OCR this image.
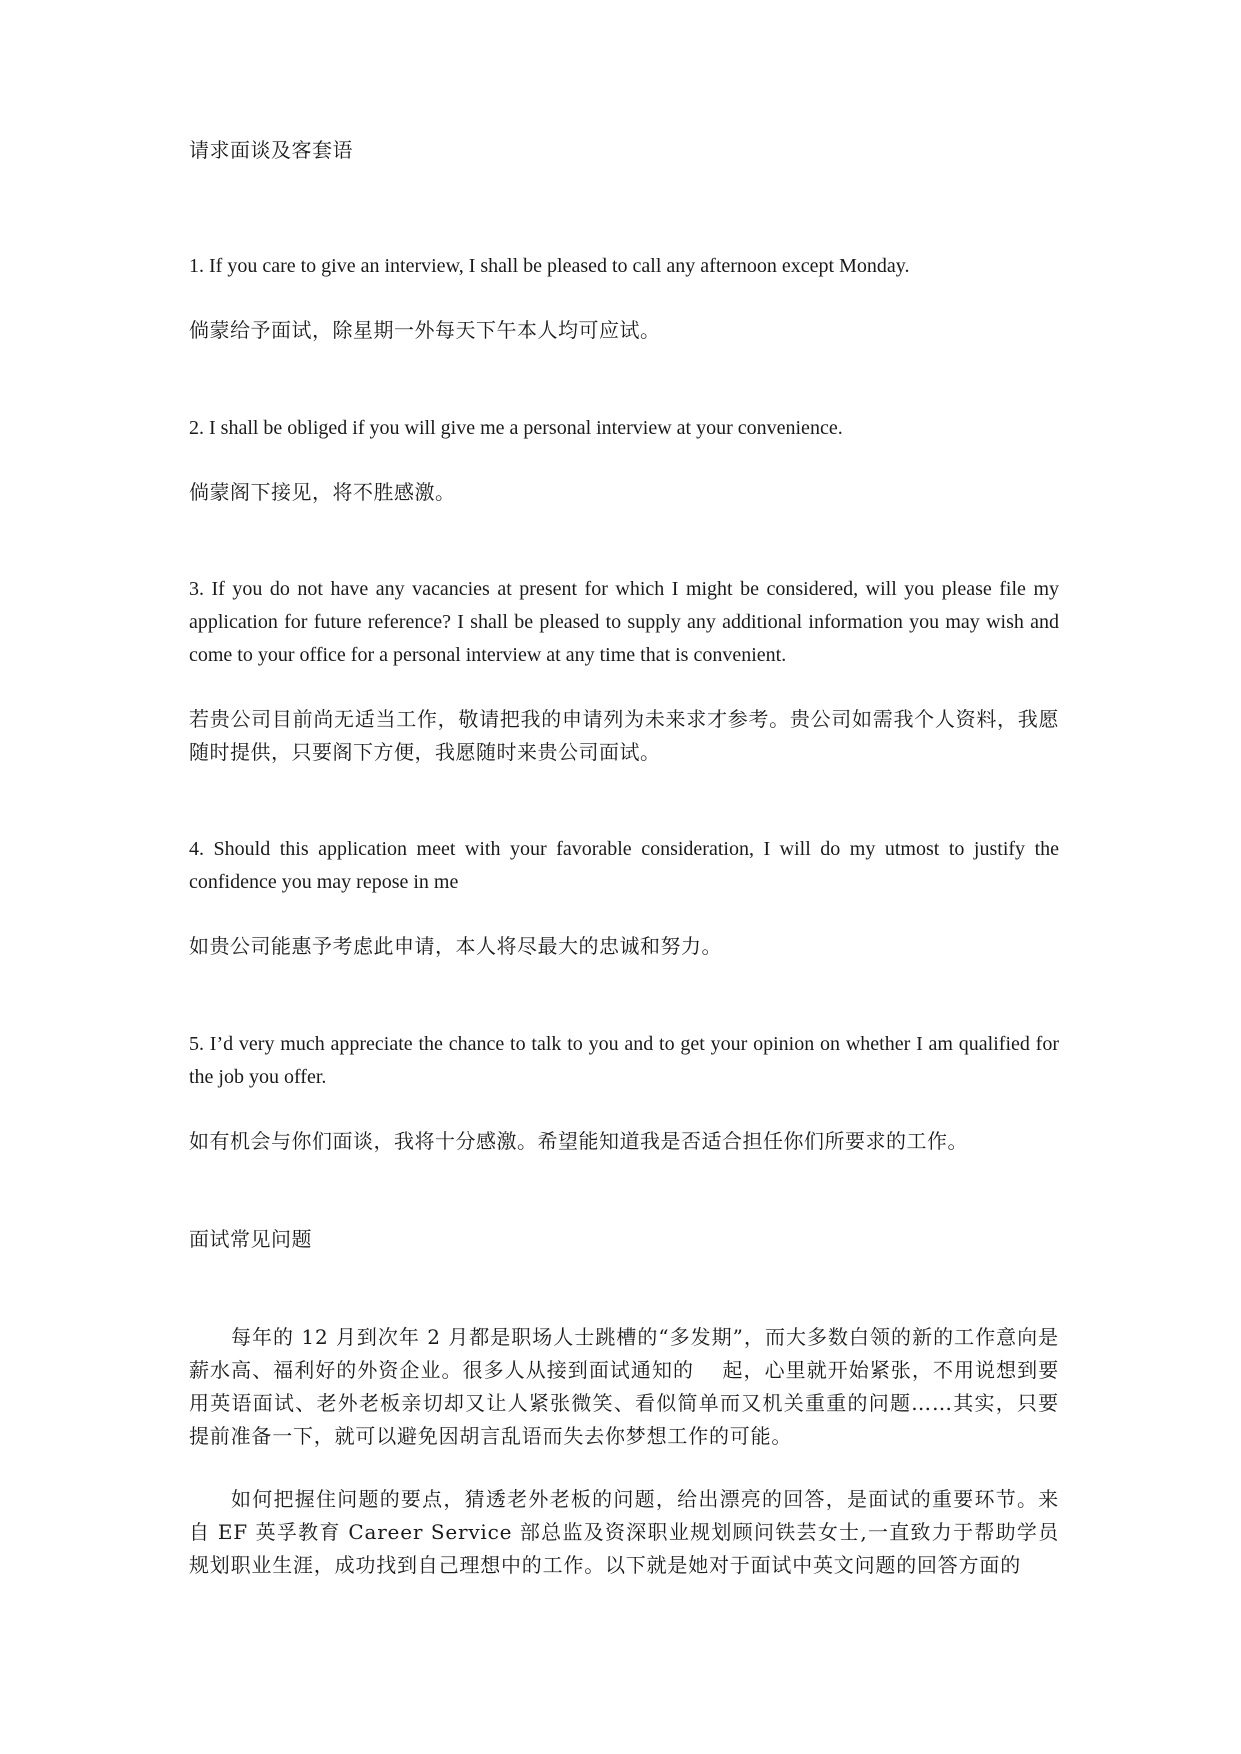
请求面谈及客套语

1. If you care to give an interview, I shall be pleased to call any afternoon except Monday.

倘蒙给予面试，除星期一外每天下午本人均可应试。

2. I shall be obliged if you will give me a personal interview at your convenience.

倘蒙阁下接见，将不胜感激。

3. If you do not have any vacancies at present for which I might be considered, will you please file my application for future reference? I shall be pleased to supply any additional information you may wish and come to your office for a personal interview at any time that is convenient.

若贵公司目前尚无适当工作，敬请把我的申请列为未来求才参考。贵公司如需我个人资料，我愿随时提供，只要阁下方便，我愿随时来贵公司面试。

4. Should this application meet with your favorable consideration, I will do my utmost to justify the confidence you may repose in me

如贵公司能惠予考虑此申请，本人将尽最大的忠诚和努力。

5. I’d very much appreciate the chance to talk to you and to get your opinion on whether I am qualified for the job you offer.

如有机会与你们面谈，我将十分感激。希望能知道我是否适合担任你们所要求的工作。

面试常见问题

每年的 12 月到次年 2 月都是职场人士跳槽的“多发期”，而大多数白领的新的工作意向是薪水高、福利好的外资企业。很多人从接到面试通知的　 起，心里就开始紧张，不用说想到要用英语面试、老外老板亲切却又让人紧张微笑、看似简单而又机关重重的问题……其实，只要提前准备一下，就可以避免因胡言乱语而失去你梦想工作的可能。

如何把握住问题的要点，猜透老外老板的问题，给出漂亮的回答，是面试的重要环节。来自 EF 英孚教育 Career Service 部总监及资深职业规划顾问铁芸女士,一直致力于帮助学员规划职业生涯，成功找到自己理想中的工作。以下就是她对于面试中英文问题的回答方面的
